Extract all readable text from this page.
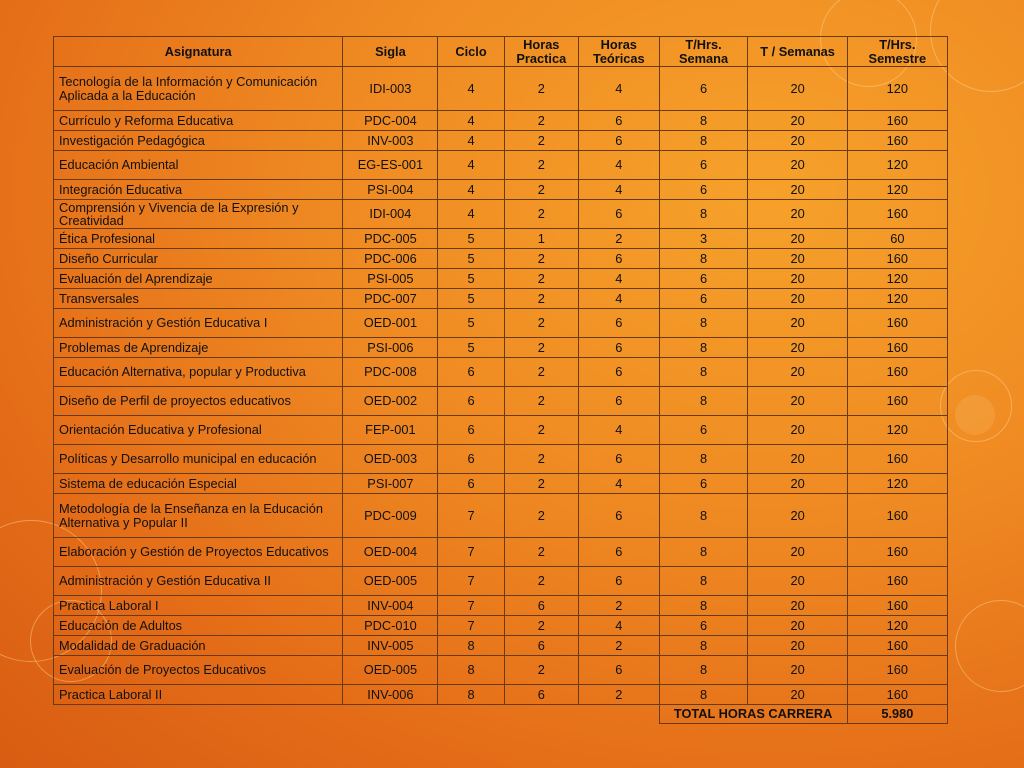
Asignatura	Sigla	Ciclo	Horas Practica	Horas Teóricas	T/Hrs. Semana	T / Semanas	T/Hrs. Semestre
Tecnología de la Información y Comunicación Aplicada a la Educación	IDI-003	4	2	4	6	20	120
Currículo y Reforma Educativa	PDC-004	4	2	6	8	20	160
Investigación Pedagógica	INV-003	4	2	6	8	20	160
Educación Ambiental	EG-ES-001	4	2	4	6	20	120
Integración Educativa	PSI-004	4	2	4	6	20	120
Comprensión y Vivencia de la Expresión y Creatividad	IDI-004	4	2	6	8	20	160
Ética Profesional	PDC-005	5	1	2	3	20	60
Diseño Curricular	PDC-006	5	2	6	8	20	160
Evaluación del Aprendizaje	PSI-005	5	2	4	6	20	120
Transversales	PDC-007	5	2	4	6	20	120
Administración y Gestión Educativa I	OED-001	5	2	6	8	20	160
Problemas de Aprendizaje	PSI-006	5	2	6	8	20	160
Educación Alternativa, popular y Productiva	PDC-008	6	2	6	8	20	160
Diseño de Perfil de proyectos educativos	OED-002	6	2	6	8	20	160
Orientación Educativa y Profesional	FEP-001	6	2	4	6	20	120
Políticas y Desarrollo municipal en educación	OED-003	6	2	6	8	20	160
Sistema de educación Especial	PSI-007	6	2	4	6	20	120
Metodología de la Enseñanza en la Educación Alternativa y Popular II	PDC-009	7	2	6	8	20	160
Elaboración y Gestión de Proyectos Educativos	OED-004	7	2	6	8	20	160
Administración y Gestión Educativa II	OED-005	7	2	6	8	20	160
Practica Laboral I	INV-004	7	6	2	8	20	160
Educación de Adultos	PDC-010	7	2	4	6	20	120
Modalidad de Graduación	INV-005	8	6	2	8	20	160
Evaluación de Proyectos Educativos	OED-005	8	2	6	8	20	160
Practica Laboral II	INV-006	8	6	2	8	20	160
					TOTAL HORAS CARRERA		5.980
